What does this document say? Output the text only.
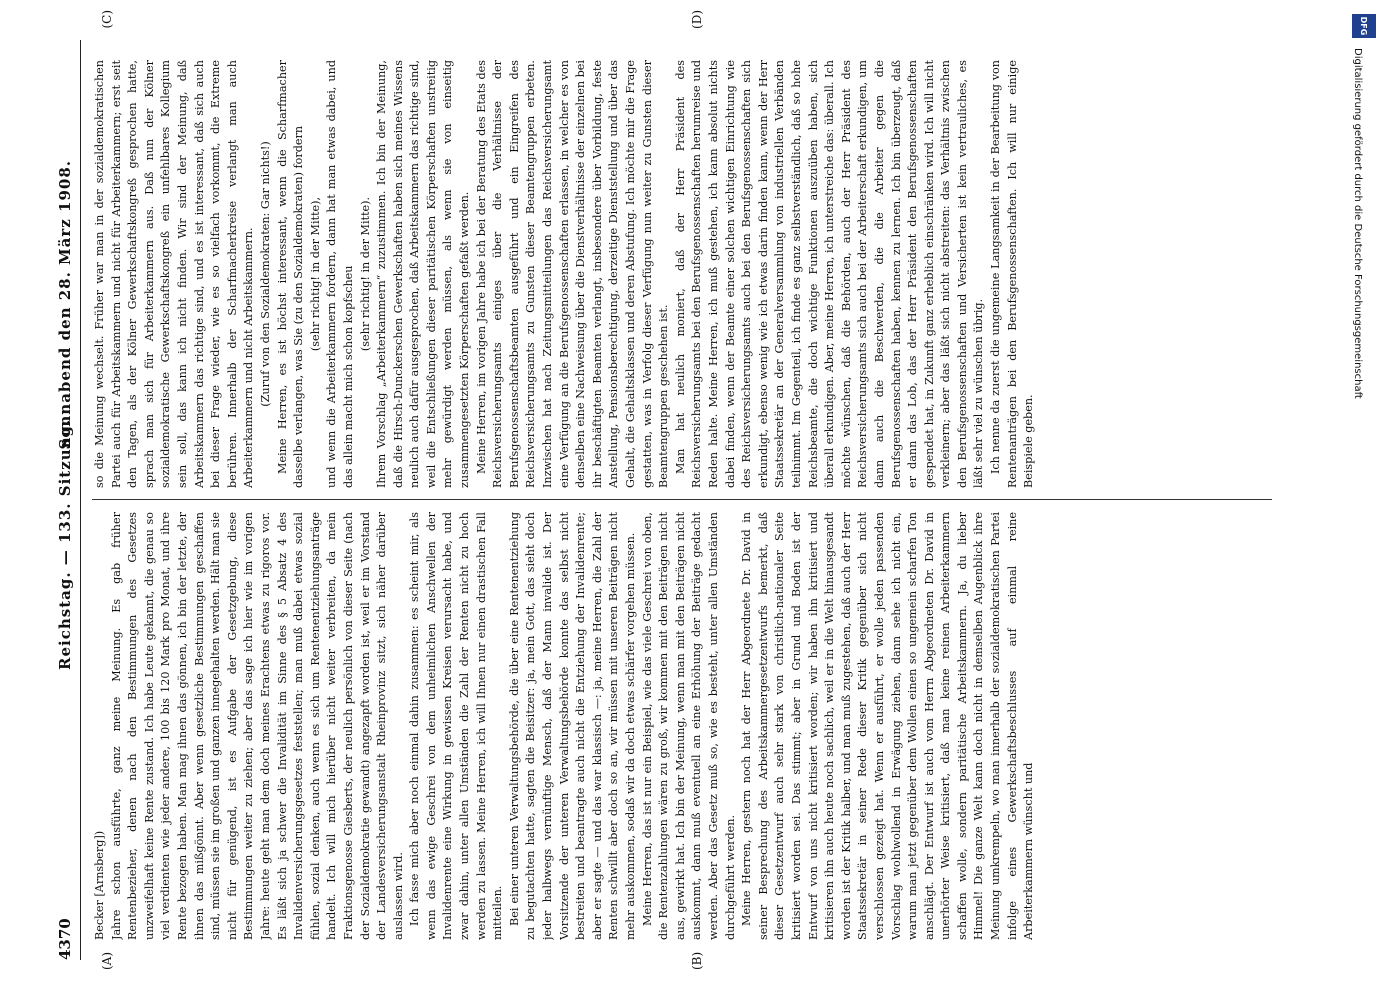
4370
Reichstag. — 133. Sitzung.
Sonnabend den 28. März 1908.
(A)	(B)
(C)	(D)

Becker [Arnsberg]) Jahre schon ausführte, ganz meine Meinung. Es gab früher Rentenbezieher, denen nach den Bestimmungen des Gesetzes unzweifelhaft keine Rente zustand. Ich habe Leute gekannt, die genau so viel verdienten wie jeder andere, 100 bis 120 Mark pro Monat, und ihre Rente bezogen haben. Man mag ihnen das gönnen, ich bin der letzte, der ihnen das mißgönnt. Aber wenn gesetzliche Bestimmungen geschaffen sind, müssen sie im großen und ganzen innegehalten werden. Hält man sie nicht für genügend, ist es Aufgabe der Gesetzgebung, diese Bestimmungen weiter zu ziehen; aber das sage ich hier wie im vorigen Jahre: heute geht man dem doch meines Erachtens etwas zu rigoros vor. Es läßt sich ja schwer die Invalidität im Sinne des § 5 Absatz 4 des Invalidenversicherungsgesetzes feststellen; man muß dabei etwas sozial fühlen, sozial denken, auch wenn es sich um Rentenentziehungsanträge handelt. Ich will mich hierüber nicht weiter verbreiten, da mein Fraktionsgenosse Giesberts, der neulich persönlich von dieser Seite (nach der Sozialdemokratie gewandt) angezapft worden ist, weil er im Vorstand der Landesversicherungsanstalt Rheinprovinz sitzt, sich näher darüber auslassen wird. Ich fasse mich aber noch einmal dahin zusammen: es scheint mir, als wenn das ewige Geschrei von dem unheimlichen Anschwellen der Invalidenrente eine Wirkung in gewissen Kreisen verursacht habe, und zwar dahin, unter allen Umständen die Zahl der Renten nicht zu hoch werden zu lassen. Meine Herren, ich will Ihnen nur einen drastischen Fall mitteilen. Bei einer unteren Verwaltungsbehörde, die über eine Rentenentziehung zu begutachten hatte, sagten die Beisitzer: ja, mein Gott, das sieht doch jeder halbwegs vernünftige Mensch, daß der Mann invalide ist. Der Vorsitzende der unteren Verwaltungsbehörde konnte das selbst nicht bestreiten und beantragte auch nicht die Entziehung der Invalidenrente; aber er sagte — und das war klassisch —: ja, meine Herren, die Zahl der Renten schwillt aber doch so an, wir müssen mit unseren Beiträgen nicht mehr auskommen, sodaß wir da doch etwas schärfer vorgehen müssen. Meine Herren, das ist nur ein Beispiel, wie das viele Geschrei von oben, die Rentenzahlungen wären zu groß, wir kommen mit den Beiträgen nicht aus, gewirkt hat. Ich bin der Meinung, wenn man mit den Beiträgen nicht auskommt, dann muß eventuell an eine Erhöhung der Beiträge gedacht werden. Aber das Gesetz muß so, wie es besteht, unter allen Umständen durchgeführt werden. Meine Herren, gestern noch hat der Herr Abgeordnete Dr. David in seiner Besprechung des Arbeitskammergesetzentwurfs bemerkt, daß dieser Gesetzentwurf auch sehr stark von christlich-nationaler Seite kritisiert worden sei. Das stimmt; aber in Grund und Boden ist der Entwurf von uns nicht kritisiert worden; wir haben ihn kritisiert und kritisieren ihn auch heute noch sachlich, weil er in die Welt hinausgesandt worden ist der Kritik halber, und man muß zugestehen, daß auch der Herr Staatssekretär in seiner Rede dieser Kritik gegenüber sich nicht verschlossen gezeigt hat. Wenn er ausführt, er wolle jeden passenden Vorschlag wohlwollend in Erwägung ziehen, dann sehe ich nicht ein, warum man jetzt gegenüber dem Wollen einen so ungemein scharfen Ton anschlägt. Der Entwurf ist auch vom Herrn Abgeordneten Dr. David in unerhörter Weise kritisiert, daß man keine reinen Arbeiterkammern schaffen wolle, sondern paritätische Arbeitskammern. Ja, du lieber Himmel! Die ganze Welt kann doch nicht in demselben Augenblick ihre Meinung umkrempeln, wo man innerhalb der sozialdemokratischen Partei infolge eines Gewerkschaftsbeschlusses auf einmal reine Arbeiterkammern wünscht und

so die Meinung wechselt. Früher war man in der sozialdemokratischen Partei auch für Arbeitskammern und nicht für Arbeiterkammern; erst seit den Tagen, als der Kölner Gewerkschaftskongreß gesprochen hatte, sprach man sich für Arbeiterkammern aus. Daß nun der Kölner sozialdemokratische Gewerkschaftskongreß ein unfehlbares Kollegium sein soll, das kann ich nicht finden. Wir sind der Meinung, daß Arbeitskammern das richtige sind, und es ist interessant, daß sich auch bei dieser Frage wieder, wie es so vielfach vorkommt, die Extreme berühren. Innerhalb der Scharfmacherkreise verlangt man auch Arbeiterkammern und nicht Arbeitskammern. (Zuruf von den Sozialdemokraten: Gar nichts!) Meine Herren, es ist höchst interessant, wenn die Scharfmacher dasselbe verlangen, was Sie (zu den Sozialdemokraten) fordern (sehr richtig! in der Mitte), und wenn die Arbeiterkammern fordern, dann hat man etwas dabei, und das allein macht mich schon kopfscheu (sehr richtig! in der Mitte). Ihrem Vorschlag „Arbeiterkammern“ zuzustimmen. Ich bin der Meinung, daß die Hirsch-Dunckerschen Gewerkschaften haben sich meines Wissens neulich auch dafür ausgesprochen, daß Arbeitskammern das richtige sind, weil die Entschließungen dieser paritätischen Körperschaften unstreitig mehr gewürdigt werden müssen, als wenn sie von einseitig zusammengesetzten Körperschaften gefaßt werden. Meine Herren, im vorigen Jahre habe ich bei der Beratung des Etats des Reichsversicherungsamts einiges über die Verhältnisse der Berufsgenossenschaftsbeamten ausgeführt und ein Eingreifen des Reichsversicherungsamts zu Gunsten dieser Beamtengruppen erbeten. Inzwischen hat nach Zeitungsmitteilungen das Reichsversicherungsamt eine Verfügung an die Berufsgenossenschaften erlassen, in welcher es von denselben eine Nachweisung über die Dienstverhältnisse der einzelnen bei ihr beschäftigten Beamten verlangt, insbesondere über Vorbildung, feste Anstellung, Pensionsberechtigung, derzeitige Dienststellung und über das Gehalt, die Gehaltsklassen und deren Abstufung. Ich möchte mir die Frage gestatten, was in Verfolg dieser Verfügung nun weiter zu Gunsten dieser Beamtengruppen geschehen ist. Man hat neulich moniert, daß der Herr Präsident des Reichsversicherungsamts bei den Berufsgenossenschaften herumreise und Reden halte. Meine Herren, ich muß gestehen, ich kann absolut nichts dabei finden, wenn der Beamte einer solchen wichtigen Einrichtung wie des Reichsversicherungsamts auch bei den Berufsgenossenschaften sich erkundigt, ebenso wenig wie ich etwas darin finden kann, wenn der Herr Staatssekretär an der Generalversammlung von industriellen Verbänden teilnimmt. Im Gegenteil, ich finde es ganz selbstverständlich, daß so hohe Reichsbeamte, die doch wichtige Funktionen auszuüben haben, sich überall erkundigen. Aber, meine Herren, ich unterstreiche das: überall. Ich möchte wünschen, daß die Behörden, auch der Herr Präsident des Reichsversicherungsamts sich auch bei der Arbeiterschaft erkundigen, um dann auch die Beschwerden, die die Arbeiter gegen die Berufsgenossenschaften haben, kennen zu lernen. Ich bin überzeugt, daß er dann das Lob, das der Herr Präsident den Berufsgenossenschaften gespendet hat, in Zukunft ganz erheblich einschränken wird. Ich will nicht verkleinern; aber das läßt sich nicht abstreiten: das Verhältnis zwischen den Berufsgenossenschaften und Versicherten ist kein vertrauliches, es läßt sehr viel zu wünschen übrig. Ich nenne da zuerst die ungemeine Langsamkeit in der Bearbeitung von Rentenanträgen bei den Berufsgenossenschaften. Ich will nur einige Beispiele geben.

DFG
Digitalisierung gefördert durch die Deutsche Forschungsgemeinschaft
